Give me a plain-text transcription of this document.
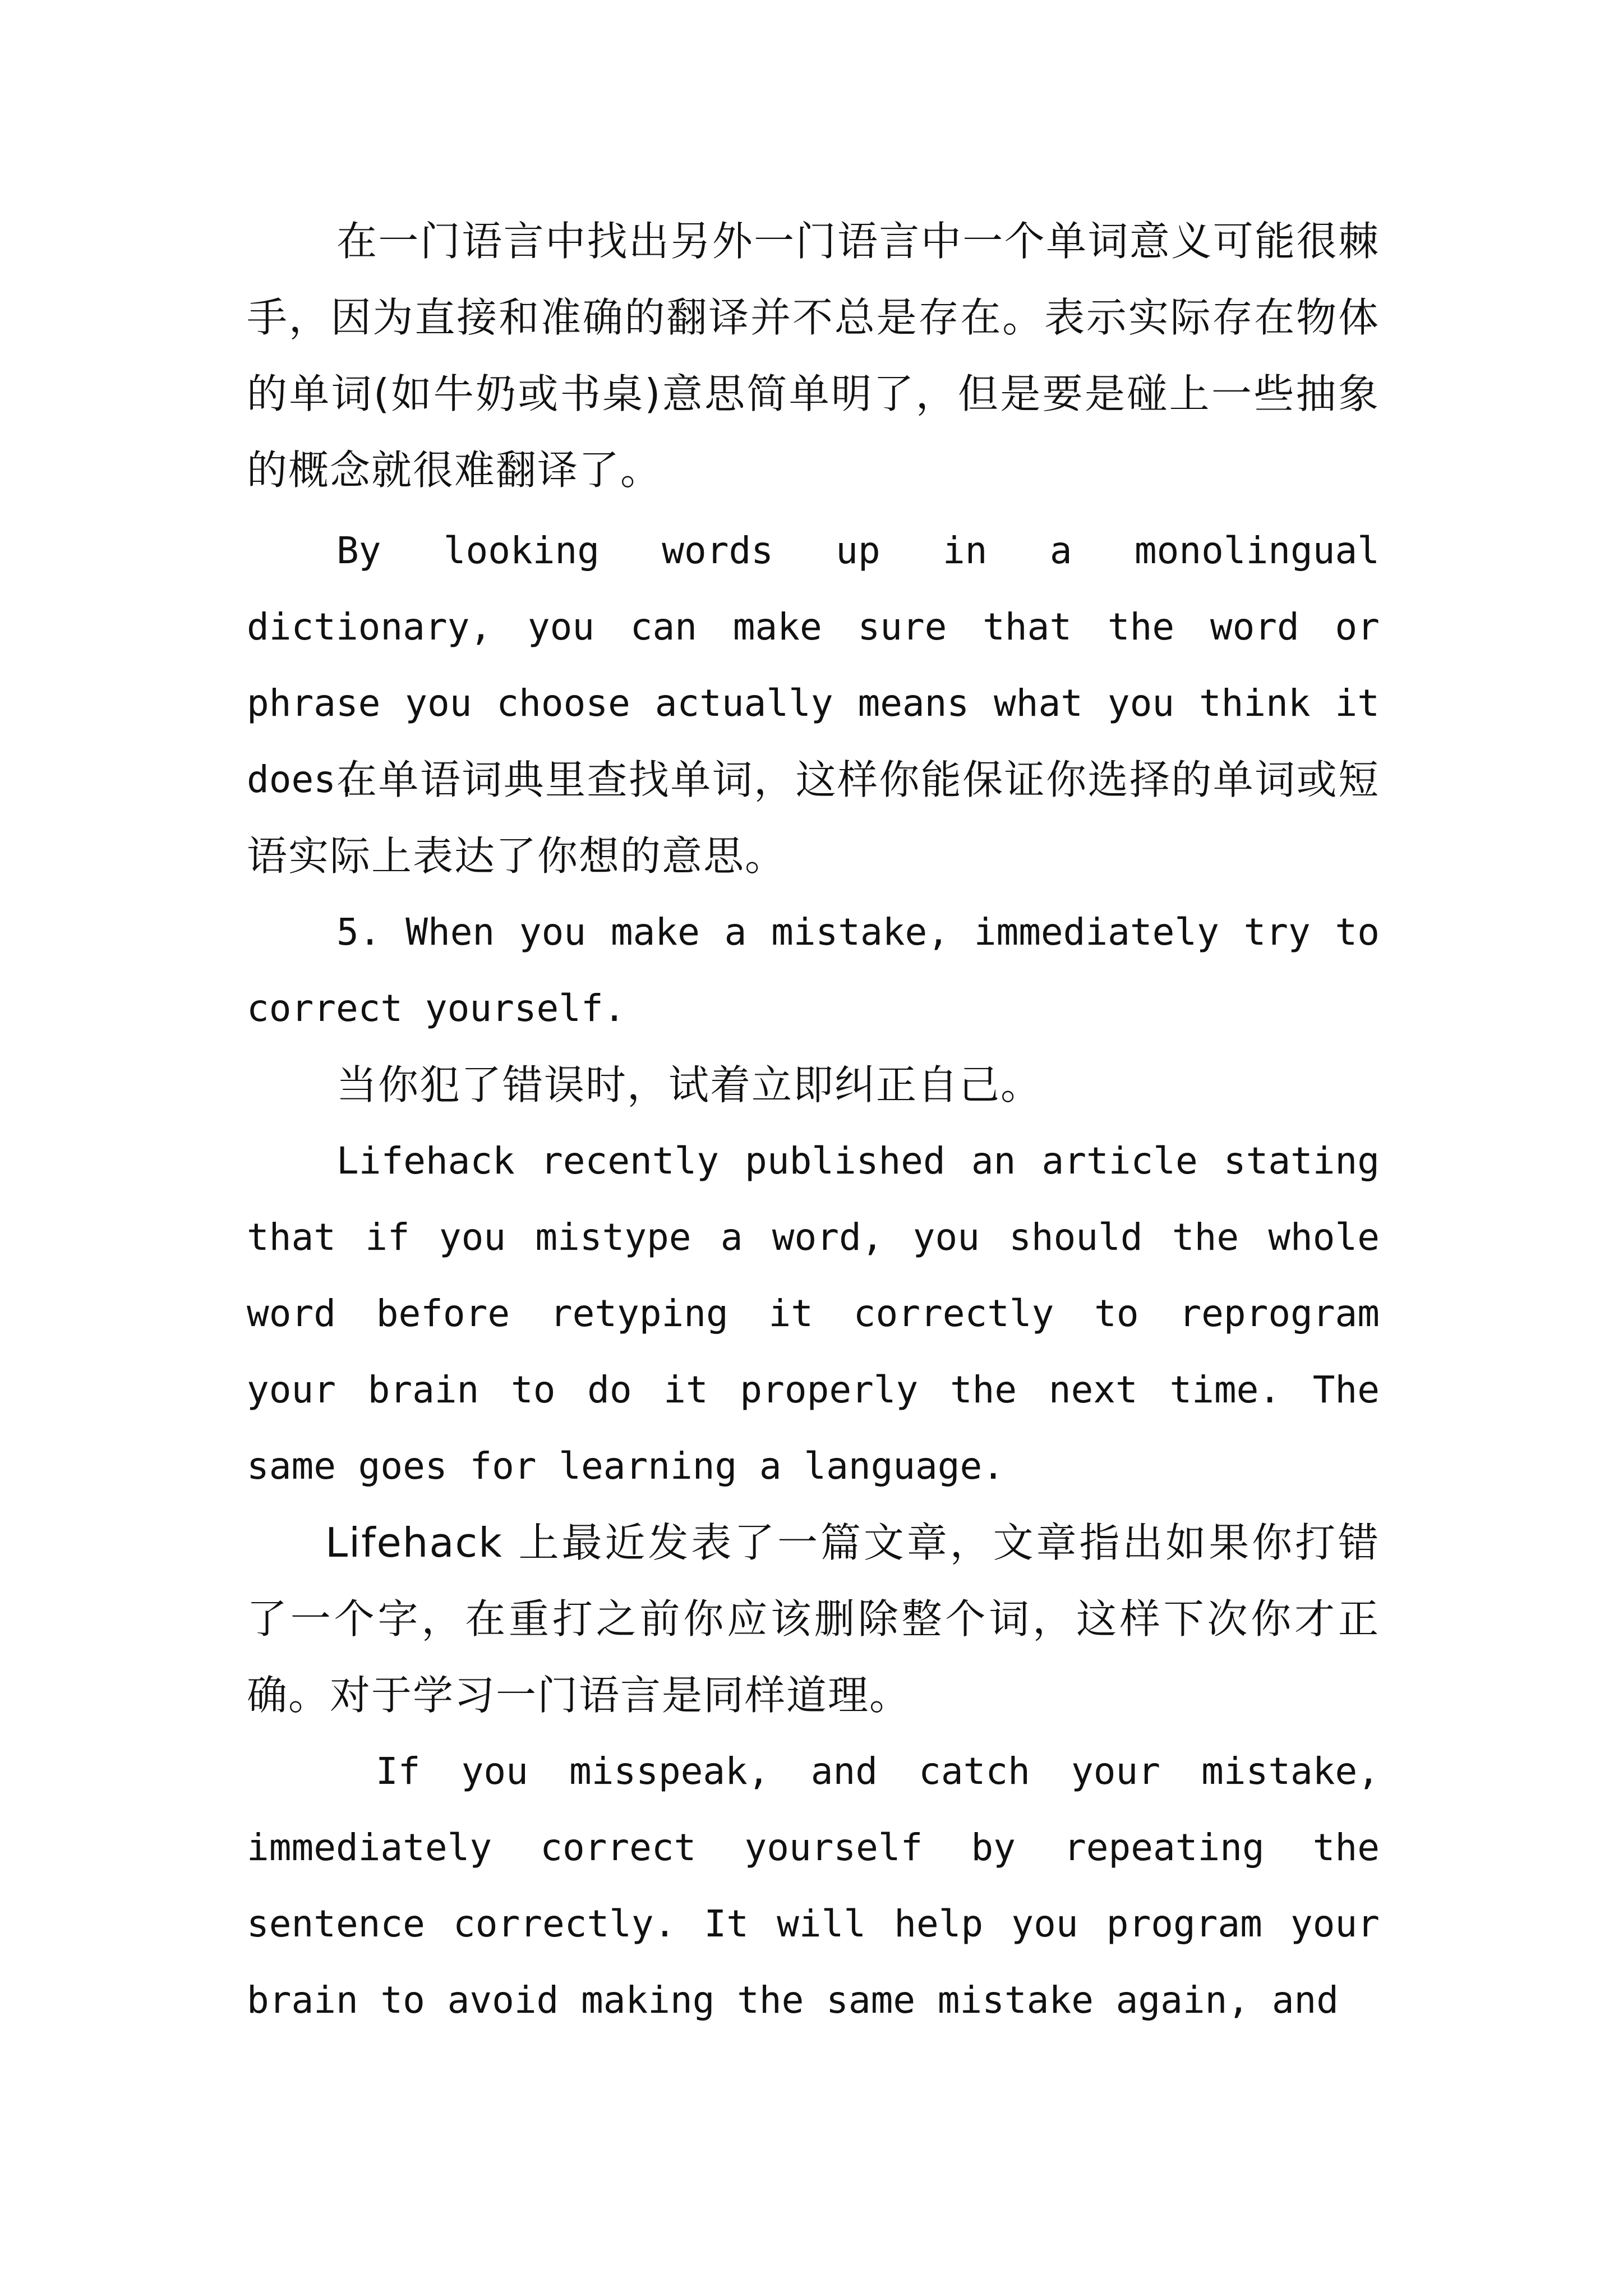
在一门语言中找出另外一门语言中一个单词意义可能很棘手，因为直接和准确的翻译并不总是存在。表示实际存在物体的单词(如牛奶或书桌)意思简单明了，但是要是碰上一些抽象的概念就很难翻译了。

By looking words up in a monolingual dictionary, you can make sure that the word or phrase you choose actually means what you think it does.

在单语词典里查找单词，这样你能保证你选择的单词或短语实际上表达了你想的意思。

5. When you make a mistake, immediately try to correct yourself.

当你犯了错误时，试着立即纠正自己。

Lifehack recently published an article stating that if you mistype a word, you should the whole word before retyping it correctly to reprogram your brain to do it properly the next time. The same goes for learning a language.

Lifehack 上最近发表了一篇文章，文章指出如果你打错了一个字，在重打之前你应该删除整个词，这样下次你才正确。对于学习一门语言是同样道理。

If you misspeak, and catch your mistake, immediately correct yourself by repeating the sentence correctly. It will help you program your brain to avoid making the same mistake again, and
